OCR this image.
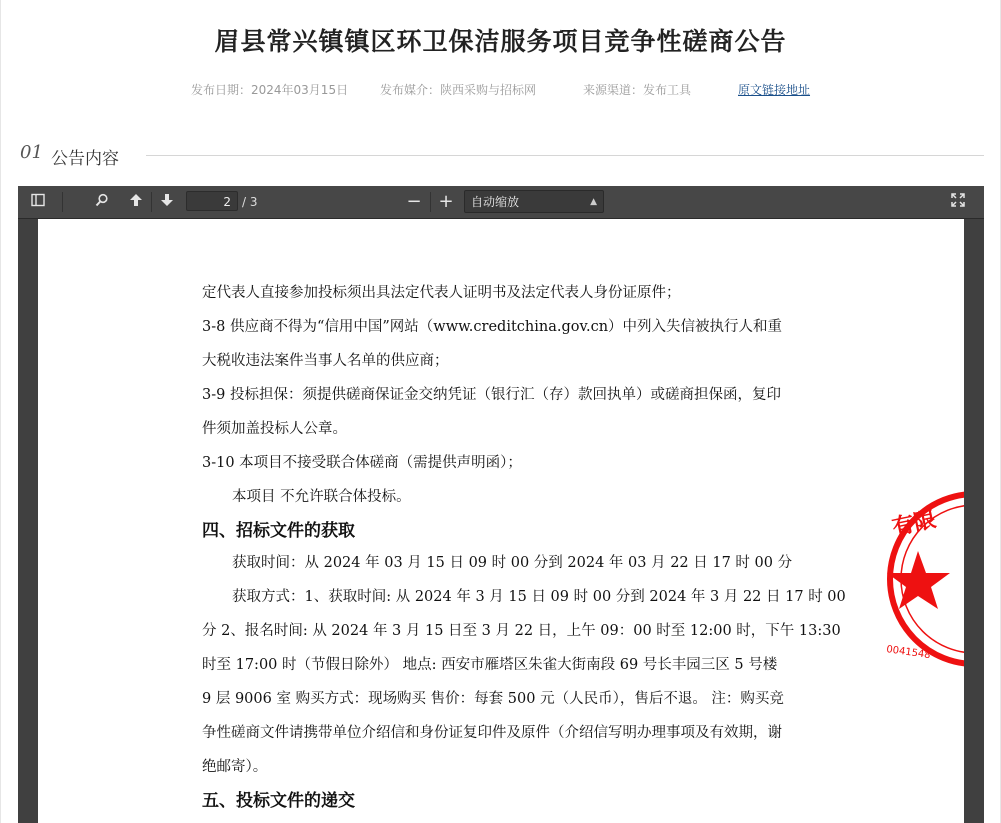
眉县常兴镇镇区环卫保洁服务项目竞争性磋商公告
发布日期：2024年03月15日	发布媒介：陕西采购与招标网	来源渠道：发布工具	原文链接地址
01 公告内容
2 / 3	− +	自动缩放	▲

定代表人直接参加投标须出具法定代表人证明书及法定代表人身份证原件；
3-8 供应商不得为“信用中国”网站（www.creditchina.gov.cn）中列入失信被执行人和重
大税收违法案件当事人名单的供应商；
3-9 投标担保：须提供磋商保证金交纳凭证（银行汇（存）款回执单）或磋商担保函，复印
件须加盖投标人公章。
3-10 本项目不接受联合体磋商（需提供声明函）；
本项目 不允许联合体投标。
四、招标文件的获取
获取时间：从 2024 年 03 月 15 日 09 时 00 分到 2024 年 03 月 22 日 17 时 00 分
获取方式：1、获取时间: 从 2024 年 3 月 15 日 09 时 00 分到 2024 年 3 月 22 日 17 时 00
分 2、报名时间: 从 2024 年 3 月 15 日至 3 月 22 日，上午 09：00 时至 12:00 时，下午 13:30
时至 17:00 时（节假日除外） 地点: 西安市雁塔区朱雀大街南段 69 号长丰园三区 5 号楼
9 层 9006 室 购买方式：现场购买 售价：每套 500 元（人民币），售后不退。 注：购买竞
争性磋商文件请携带单位介绍信和身份证复印件及原件（介绍信写明办理事项及有效期，谢
绝邮寄）。
五、投标文件的递交
有限
0041548
